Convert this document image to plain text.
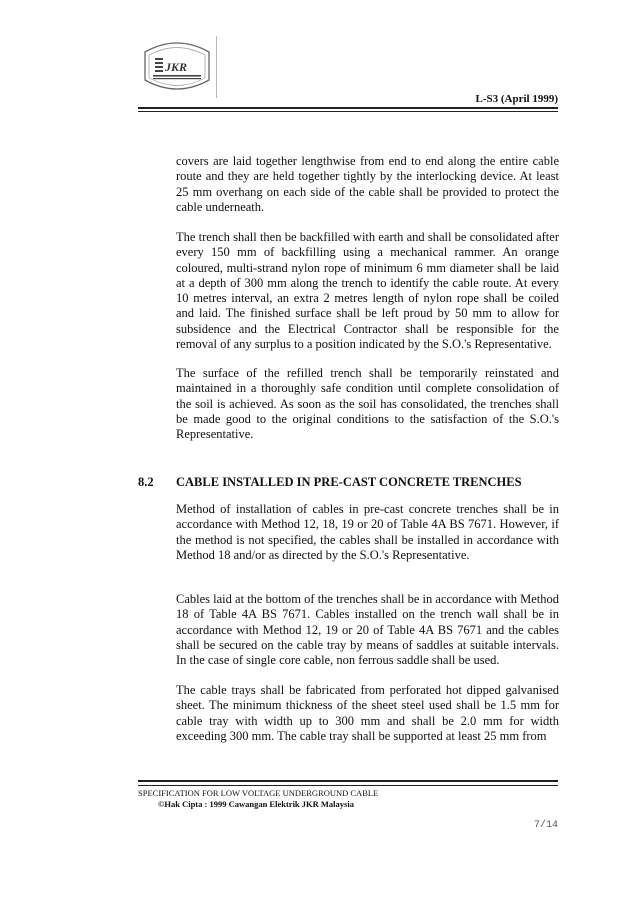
JKR
L-S3 (April 1999)

covers are laid together lengthwise from end to end along the entire cable route and they are held together tightly by the interlocking device. At least 25 mm overhang on each side of the cable shall be provided to protect the cable underneath.

The trench shall then be backfilled with earth and shall be consolidated after every 150 mm of backfilling using a mechanical rammer. An orange coloured, multi-strand nylon rope of minimum 6 mm diameter shall be laid at a depth of 300 mm along the trench to identify the cable route. At every 10 metres interval, an extra 2 metres length of nylon rope shall be coiled and laid. The finished surface shall be left proud by 50 mm to allow for subsidence and the Electrical Contractor shall be responsible for the removal of any surplus to a position indicated by the S.O.'s Representative.

The surface of the refilled trench shall be temporarily reinstated and maintained in a thoroughly safe condition until complete consolidation of the soil is achieved. As soon as the soil has consolidated, the trenches shall be made good to the original conditions to the satisfaction of the S.O.'s Representative.

8.2 CABLE INSTALLED IN PRE-CAST CONCRETE TRENCHES

Method of installation of cables in pre-cast concrete trenches shall be in accordance with Method 12, 18, 19 or 20 of Table 4A BS 7671. However, if the method is not specified, the cables shall be installed in accordance with Method 18 and/or as directed by the S.O.'s Representative.

Cables laid at the bottom of the trenches shall be in accordance with Method 18 of Table 4A BS 7671. Cables installed on the trench wall shall be in accordance with Method 12, 19 or 20 of Table 4A BS 7671 and the cables shall be secured on the cable tray by means of saddles at suitable intervals. In the case of single core cable, non ferrous saddle shall be used.

The cable trays shall be fabricated from perforated hot dipped galvanised sheet. The minimum thickness of the sheet steel used shall be 1.5 mm for cable tray with width up to 300 mm and shall be 2.0 mm for width exceeding 300 mm. The cable tray shall be supported at least 25 mm from

SPECIFICATION FOR LOW VOLTAGE UNDERGROUND CABLE
©Hak Cipta : 1999 Cawangan Elektrik JKR Malaysia
7/14
